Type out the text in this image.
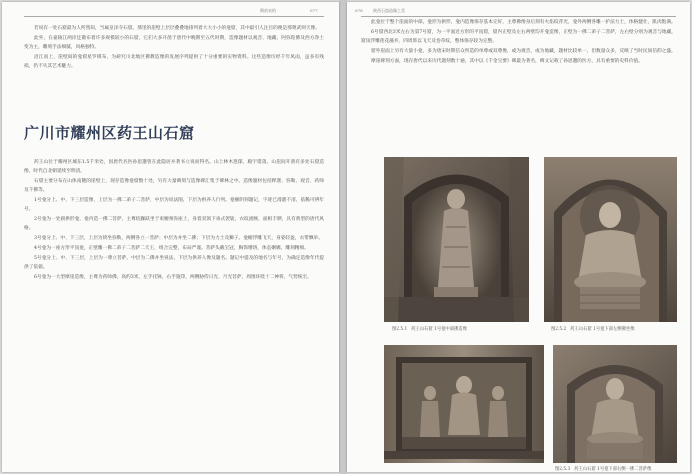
隋前宋的	077

若说有一处石窟最为人所熟知，当属皇泽寺石窟。那里的崖壁上层层叠叠地排列着大大小小的龛窟，其中最引人注目的便是那尊武则天像。

此外，在嘉陵江两岸还散布着许多规模较小的石窟，它们大多开凿于唐代中晚期至五代时期，造像题材以观音、地藏、阿弥陀佛及西方净土变为主，雕刻手法细腻，风格独特。

沿江而上，崖壁间的龛窟星罗棋布，为研究川北地区佛教造像的发展序列提供了十分重要的实物资料。这些造像历经千年风雨，虽多有残损，仍不失其艺术魅力。

广川市耀州区药王山石窟

药王山位于耀州区城东1.5千米处，因唐代名医孙思邈曾在此隐居并著书立说而得名。山上林木葱郁，殿宇错落，山崖间开凿有多处石窟造像，时代自北朝延续至明清。

石窟主要分布在山体南麓的崖壁上，现存造像龛窟数十处，另有大量碑刻与造像碑汇集于碑林之中。造像题材包括释迦、弥勒、观音、药师及千佛等。

1号龛分上、中、下三层造像，上层为一佛二弟子二菩萨，中层为说法图，下层为供养人行列。龛额阴刻题记，字迹已漫漶不清，依稀可辨年号。

2号龛为一处圆拱形龛，龛内造一佛二菩萨，主尊结跏趺坐于束腰须弥座上，身着双领下垂式袈裟，衣纹流畅，面相丰腴，具有典型的唐代风格。

3号龛分上、中、下三层，上层为倚坐弥勒，两侧各立一菩萨；中层为并坐二佛；下层为力士及狮子。龛楣浮雕飞天，身姿轻盈，衣带飘举。

4号龛为一座方形平顶龛，正壁雕一佛二弟子二菩萨二天王，组合完整，布局严谨。菩萨头戴宝冠，胸饰璎珞，体态婀娜，雕刻精细。

5号龛分上、中、下三层，上层为一尊立菩萨，中层为二佛并坐说法，下层为供养人像及题名。题记中提及的地名与年号，为确定造像年代提供了依据。

6号龛为一大型摩崖造像，主尊为药师佛，高约3米，左手托钵，右手施印，两侧胁侍日光、月光菩萨，周围环绕十二神将，气势恢宏。

078	陕西石窟造像之美

此龛位于整个崖面的中部，龛形为拱形，龛内造像保存基本完好，主尊佛像身后刻有火焰纹背光，龛外两侧各雕一护法力士，体格健壮，肌肉饱满。

6号窟西北3米左右为第7号窟，为一平面近方形的平顶窟，窟内正壁及左右两壁均开龛造像，正壁为一佛二弟子二菩萨，左右壁分别为观音与地藏，窟顶浮雕莲花藻井，四周饰以飞天及卷草纹，整体保存较为完整。

窟外崖面上另有大量小龛，多为唐宋时期信众所造的单尊或双尊像，或为观音，或为地藏，题材比较单一，但数量众多，反映了当时民间信仰之盛。

摩崖碑刻方面，现存唐代以来历代题刻数十通，其中以《千金宝要》碑最为著名，碑文记载了孙思邈的医方，具有重要的史料价值。

图2.5.1 药王山石窟 1号龛中部佛造像	图2.5.2 药王山石窟 1号龛下部左侧佛坐像
图2.5.3 药王山石窟 1号龛下部右侧一佛二菩萨像
